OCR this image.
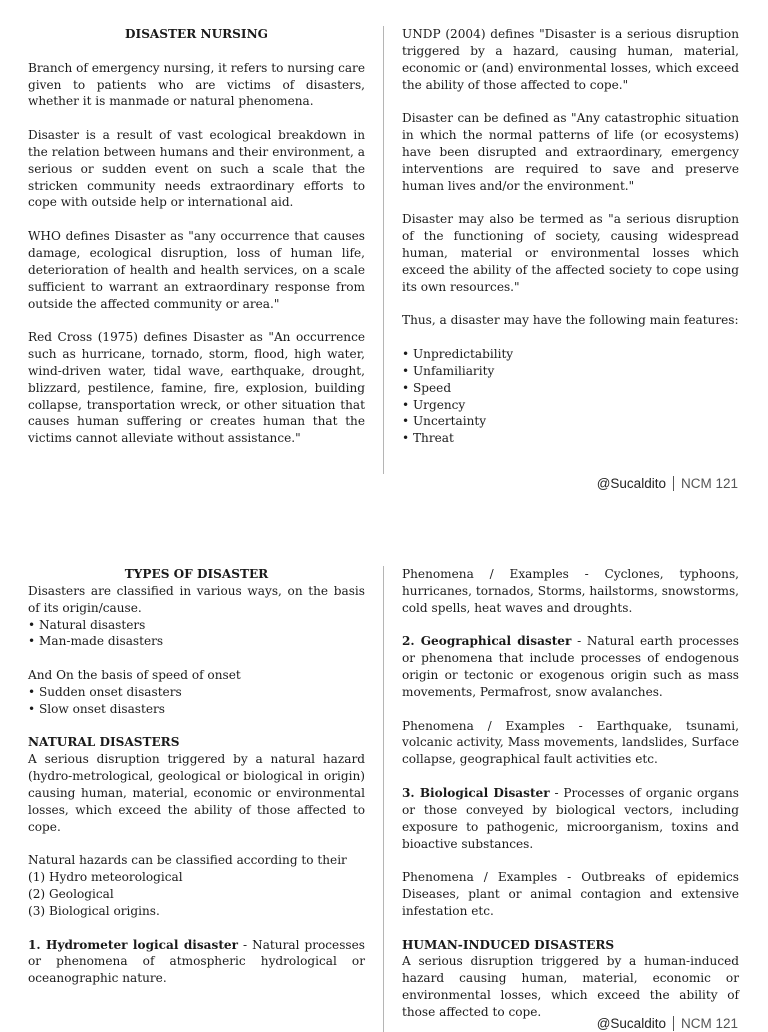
DISASTER NURSING

Branch of emergency nursing, it refers to nursing care given to patients who are victims of disasters, whether it is manmade or natural phenomena.

Disaster is a result of vast ecological breakdown in the relation between humans and their environment, a serious or sudden event on such a scale that the stricken community needs extraordinary efforts to cope with outside help or international aid.

WHO defines Disaster as "any occurrence that causes damage, ecological disruption, loss of human life, deterioration of health and health services, on a scale sufficient to warrant an extraordinary response from outside the affected community or area."

Red Cross (1975) defines Disaster as "An occurrence such as hurricane, tornado, storm, flood, high water, wind-driven water, tidal wave, earthquake, drought, blizzard, pestilence, famine, fire, explosion, building collapse, transportation wreck, or other situation that causes human suffering or creates human that the victims cannot alleviate without assistance."

UNDP (2004) defines "Disaster is a serious disruption triggered by a hazard, causing human, material, economic or (and) environmental losses, which exceed the ability of those affected to cope."

Disaster can be defined as "Any catastrophic situation in which the normal patterns of life (or ecosystems) have been disrupted and extraordinary, emergency interventions are required to save and preserve human lives and/or the environment."

Disaster may also be termed as "a serious disruption of the functioning of society, causing widespread human, material or environmental losses which exceed the ability of the affected society to cope using its own resources."

Thus, a disaster may have the following main features:

• Unpredictability
• Unfamiliarity
• Speed
• Urgency
• Uncertainty
• Threat
@Sucaldito NCM 121

TYPES OF DISASTER

Disasters are classified in various ways, on the basis of its origin/cause.

• Natural disasters
• Man-made disasters

And On the basis of speed of onset

• Sudden onset disasters
• Slow onset disasters

NATURAL DISASTERS

A serious disruption triggered by a natural hazard (hydro-metrological, geological or biological in origin) causing human, material, economic or environmental losses, which exceed the ability of those affected to cope.

Natural hazards can be classified according to their

(1) Hydro meteorological
(2) Geological
(3) Biological origins.

1. Hydrometer logical disaster - Natural processes or phenomena of atmospheric hydrological or oceanographic nature.

Phenomena / Examples - Cyclones, typhoons, hurricanes, tornados, Storms, hailstorms, snowstorms, cold spells, heat waves and droughts.

2. Geographical disaster - Natural earth processes or phenomena that include processes of endogenous origin or tectonic or exogenous origin such as mass movements, Permafrost, snow avalanches.

Phenomena / Examples - Earthquake, tsunami, volcanic activity, Mass movements, landslides, Surface collapse, geographical fault activities etc.

3. Biological Disaster - Processes of organic organs or those conveyed by biological vectors, including exposure to pathogenic, microorganism, toxins and bioactive substances.

Phenomena / Examples - Outbreaks of epidemics Diseases, plant or animal contagion and extensive infestation etc.

HUMAN-INDUCED DISASTERS

A serious disruption triggered by a human-induced hazard causing human, material, economic or environmental losses, which exceed the ability of those affected to cope.

@Sucaldito NCM 121
